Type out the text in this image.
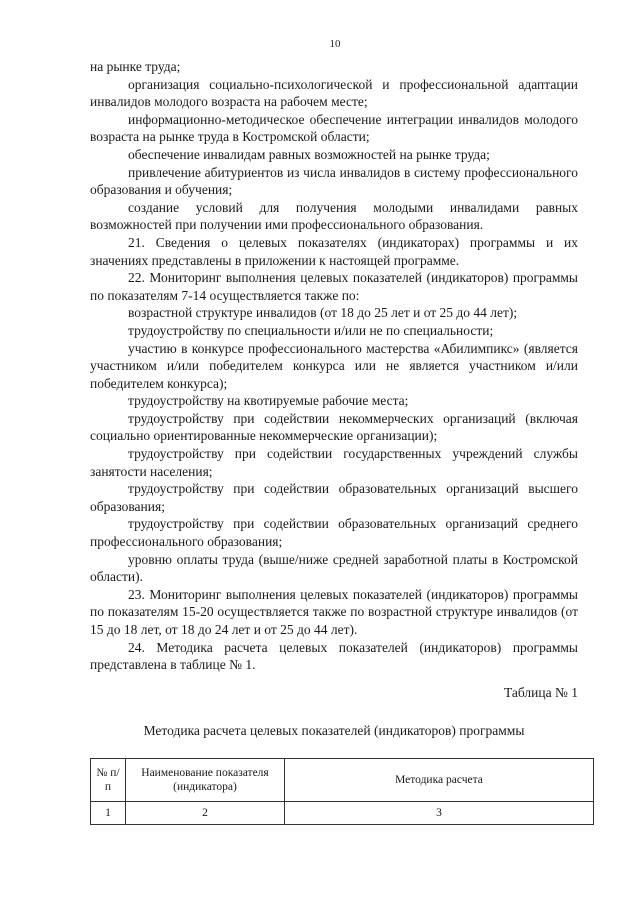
10

на рынке труда;

организация социально-психологической и профессиональной адаптации инвалидов молодого возраста на рабочем месте;

информационно-методическое обеспечение интеграции инвалидов молодого возраста на рынке труда в Костромской области;

обеспечение инвалидам равных возможностей на рынке труда;

привлечение абитуриентов из числа инвалидов в систему профессионального образования и обучения;

создание условий для получения молодыми инвалидами равных возможностей при получении ими профессионального образования.

21. Сведения о целевых показателях (индикаторах) программы и их значениях представлены в приложении к настоящей программе.

22. Мониторинг выполнения целевых показателей (индикаторов) программы по показателям 7-14 осуществляется также по:

возрастной структуре инвалидов (от 18 до 25 лет и от 25 до 44 лет);

трудоустройству по специальности и/или не по специальности;

участию в конкурсе профессионального мастерства «Абилимпикс» (является участником и/или победителем конкурса или не является участником и/или победителем конкурса);

трудоустройству на квотируемые рабочие места;

трудоустройству при содействии некоммерческих организаций (включая социально ориентированные некоммерческие организации);

трудоустройству при содействии государственных учреждений службы занятости населения;

трудоустройству при содействии образовательных организаций высшего образования;

трудоустройству при содействии образовательных организаций среднего профессионального образования;

уровню оплаты труда (выше/ниже средней заработной платы в Костромской области).

23. Мониторинг выполнения целевых показателей (индикаторов) программы по показателям 15-20 осуществляется также по возрастной структуре инвалидов (от 15 до 18 лет, от 18 до 24 лет и от 25 до 44 лет).

24. Методика расчета целевых показателей (индикаторов) программы представлена в таблице № 1.

Таблица № 1
Методика расчета целевых показателей (индикаторов) программы
№ п/п	Наименование показателя (индикатора)	Методика расчета
1	2	3
